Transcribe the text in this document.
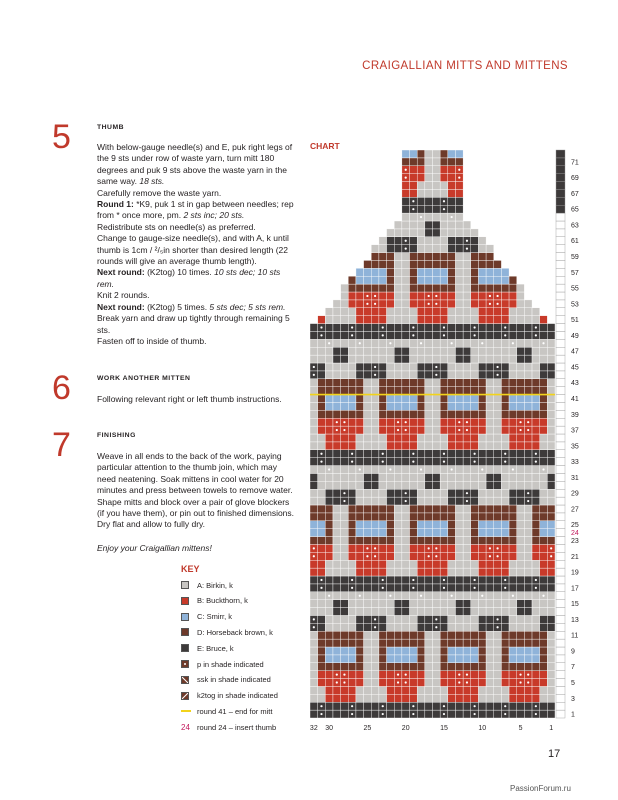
CRAIGALLIAN MITTS AND MITTENS
5	THUMB
With below-gauge needle(s) and E, puk right legs of the 9 sts under row of waste yarn, turn mitt 180 degrees and puk 9 sts above the waste yarn in the same way. 18 sts.
Carefully remove the waste yarn.
Round 1: *K9, puk 1 st in gap between needles; rep from * once more, pm. 2 sts inc; 20 sts.
Redistribute sts on needle(s) as preferred.
Change to gauge-size needle(s), and with A, k until thumb is 1cm / ²/₅in shorter than desired length (22 rounds will give an average thumb length).
Next round: (K2tog) 10 times. 10 sts dec; 10 sts rem.
Knit 2 rounds.
Next round: (K2tog) 5 times. 5 sts dec; 5 sts rem.
Break yarn and draw up tightly through remaining 5 sts.
Fasten off to inside of thumb.
6	WORK ANOTHER MITTEN
Following relevant right or left thumb instructions.
7	FINISHING
Weave in all ends to the back of the work, paying particular attention to the thumb join, which may need neatening. Soak mittens in cool water for 20 minutes and press between towels to remove water. Shape mitts and block over a pair of glove blockers (if you have them), or pin out to finished dimensions. Dry flat and allow to fully dry.
Enjoy your Craigallian mittens!
KEY
A: Birkin, k
B: Buckthorn, k
C: Smirr, k
D: Horseback brown, k
E: Bruce, k
p in shade indicated
ssk in shade indicated
k2tog in shade indicated
round 41 – end for mitt
24 round 24 – insert thumb
CHART
1
3
5
7
9
11
13
15
17
19
21
23
24
25
27
29
31
33
35
37
39
41
43
45
47
49
51
53
55
57
59
61
63
65
67
69
71
32 30	25	20	15	10	5	1
17
PassionForum.ru
